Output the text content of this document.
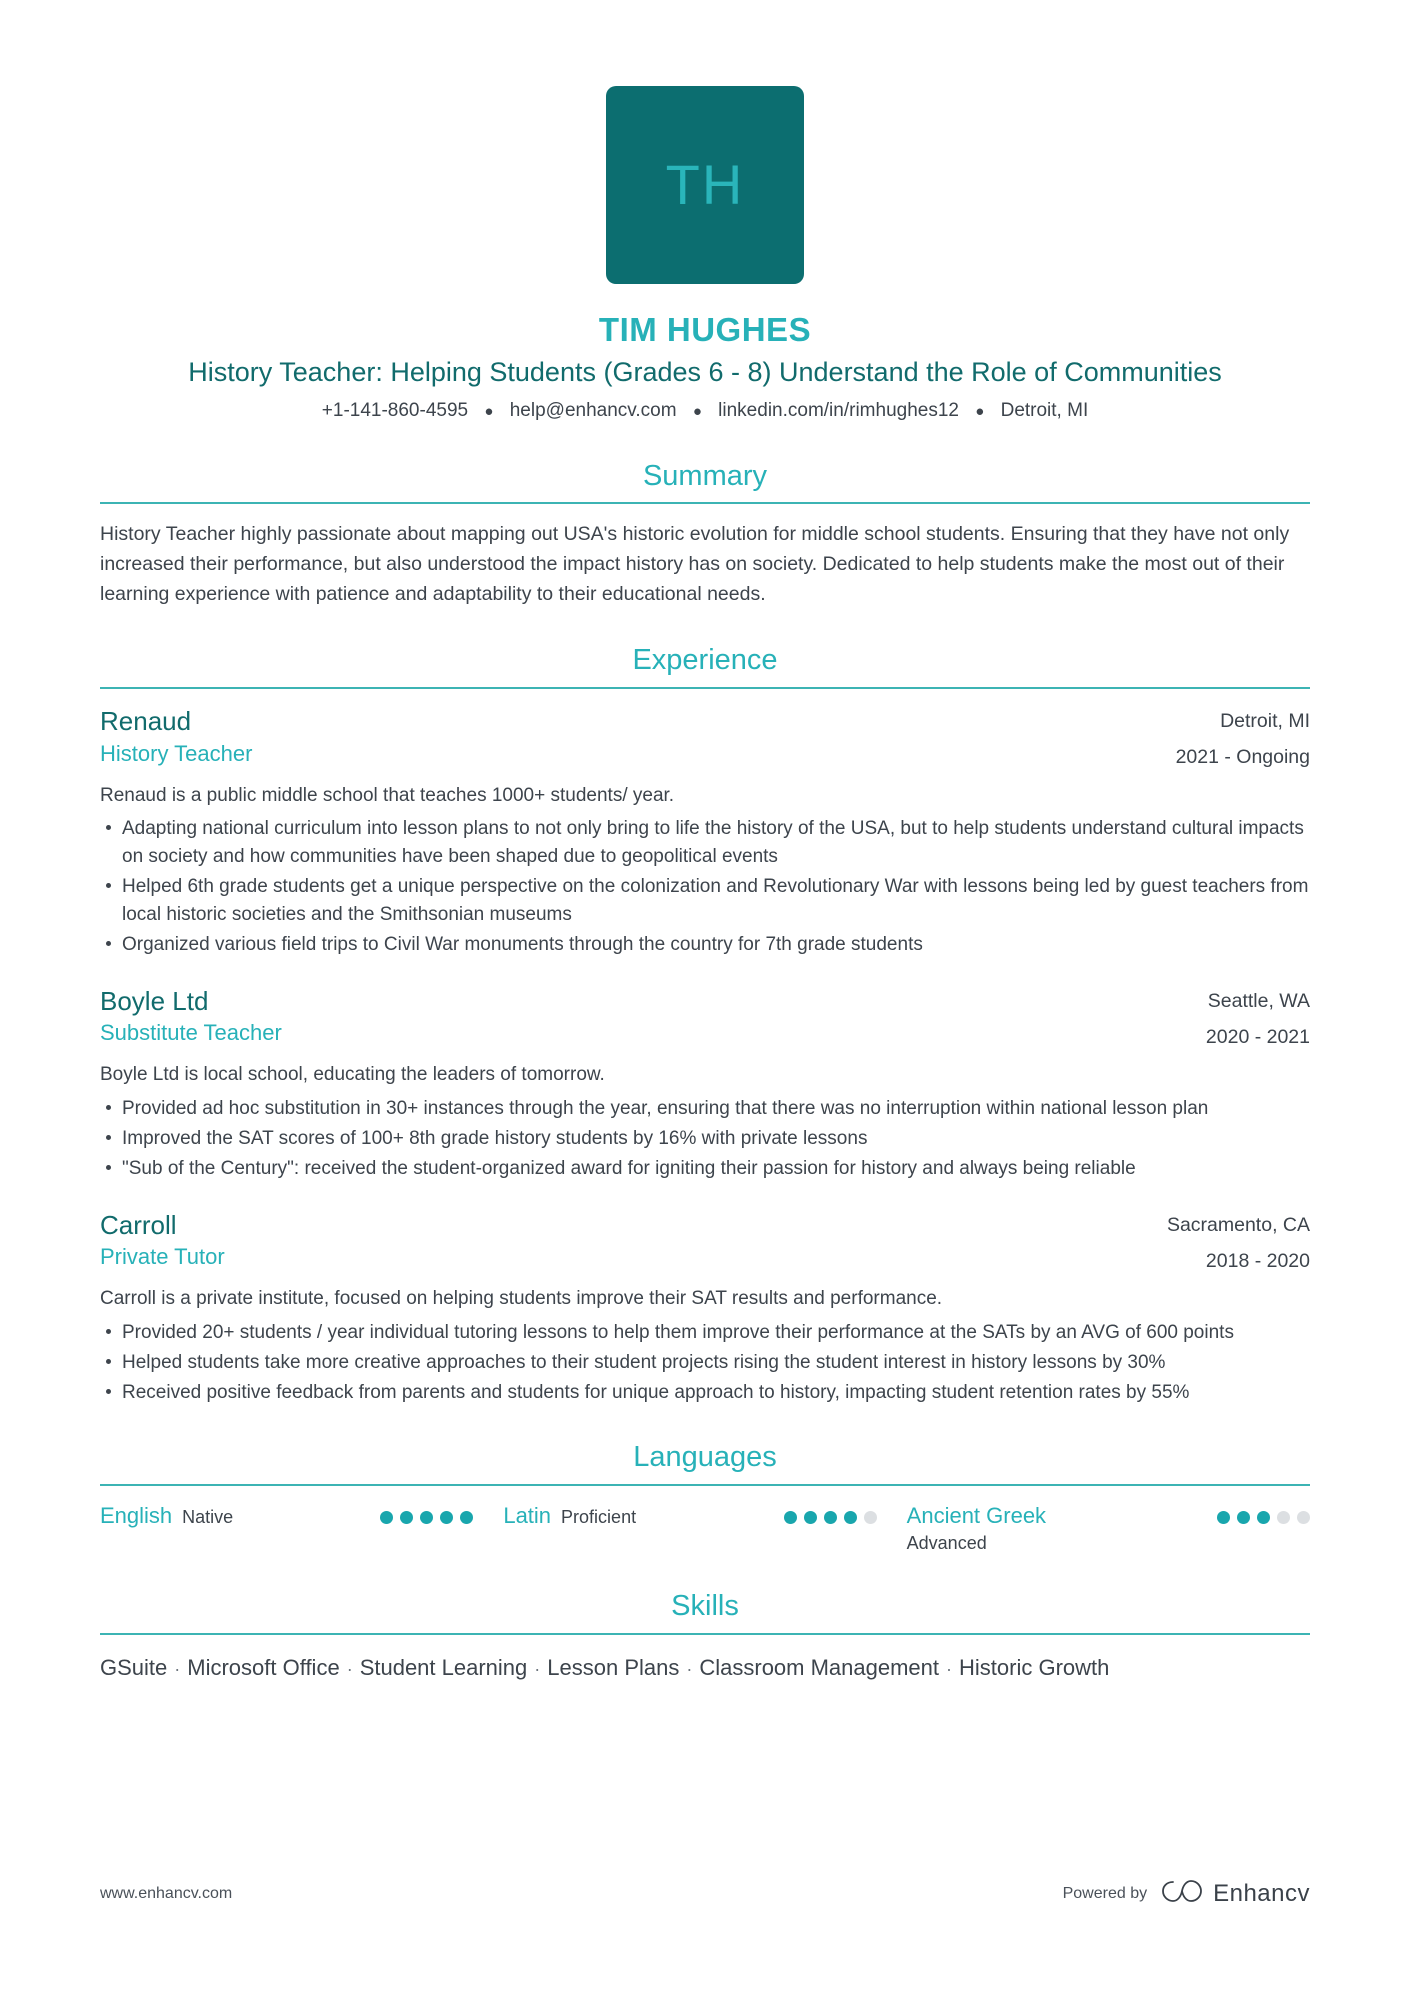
TH
TIM HUGHES
History Teacher: Helping Students (Grades 6 - 8) Understand the Role of Communities
+1-141-860-4595 ● help@enhancv.com ● linkedin.com/in/rimhughes12 ● Detroit, MI
Summary
History Teacher highly passionate about mapping out USA's historic evolution for middle school students. Ensuring that they have not only increased their performance, but also understood the impact history has on society. Dedicated to help students make the most out of their learning experience with patience and adaptability to their educational needs.
Experience
Renaud
History Teacher
Detroit, MI
2021 - Ongoing
Renaud is a public middle school that teaches 1000+ students/ year.
Adapting national curriculum into lesson plans to not only bring to life the history of the USA, but to help students understand cultural impacts on society and how communities have been shaped due to geopolitical events
Helped 6th grade students get a unique perspective on the colonization and Revolutionary War with lessons being led by guest teachers from local historic societies and the Smithsonian museums
Organized various field trips to Civil War monuments through the country for 7th grade students
Boyle Ltd
Substitute Teacher
Seattle, WA
2020 - 2021
Boyle Ltd is local school, educating the leaders of tomorrow.
Provided ad hoc substitution in 30+ instances through the year, ensuring that there was no interruption within national lesson plan
Improved the SAT scores of 100+ 8th grade history students by 16% with private lessons
"Sub of the Century": received the student-organized award for igniting their passion for history and always being reliable
Carroll
Private Tutor
Sacramento, CA
2018 - 2020
Carroll is a private institute, focused on helping students improve their SAT results and performance.
Provided 20+ students / year individual tutoring lessons to help them improve their performance at the SATs by an AVG of 600 points
Helped students take more creative approaches to their student projects rising the student interest in history lessons by 30%
Received positive feedback from parents and students for unique approach to history, impacting student retention rates by 55%
Languages
English Native	Latin Proficient	Ancient Greek
Advanced
Skills
GSuite · Microsoft Office · Student Learning · Lesson Plans · Classroom Management · Historic Growth
www.enhancv.com	Powered by	Enhancv
